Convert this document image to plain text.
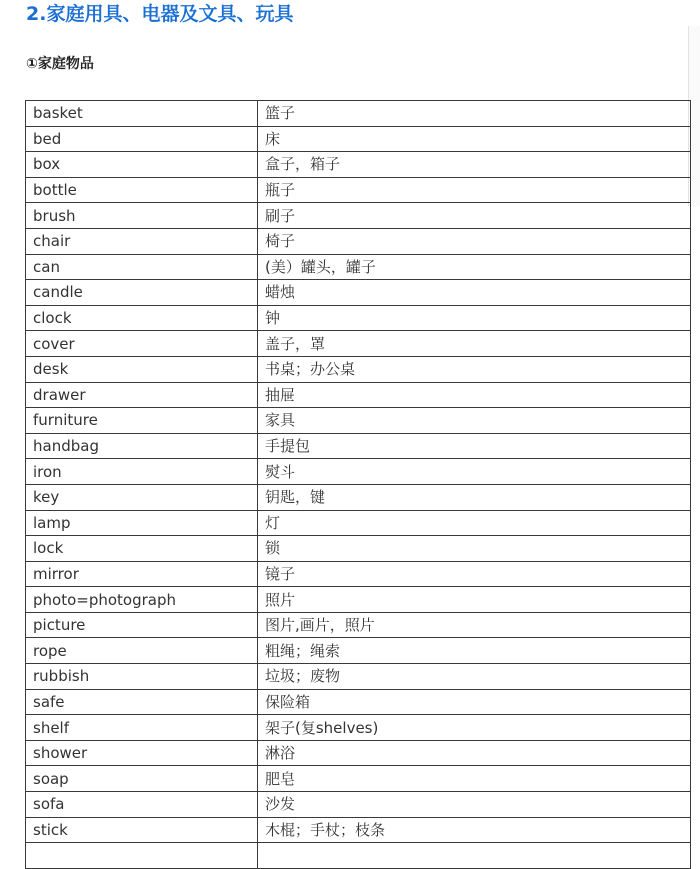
2.家庭用具、电器及文具、玩具
①家庭物品
basket	篮子
bed	床
box	盒子，箱子
bottle	瓶子
brush	刷子
chair	椅子
can	(美）罐头，罐子
candle	蜡烛
clock	钟
cover	盖子，罩
desk	书桌；办公桌
drawer	抽屉
furniture	家具
handbag	手提包
iron	熨斗
key	钥匙，键
lamp	灯
lock	锁
mirror	镜子
photo=photograph	照片
picture	图片,画片，照片
rope	粗绳；绳索
rubbish	垃圾；废物
safe	保险箱
shelf	架子(复shelves)
shower	淋浴
soap	肥皂
sofa	沙发
stick	木棍；手杖；枝条
